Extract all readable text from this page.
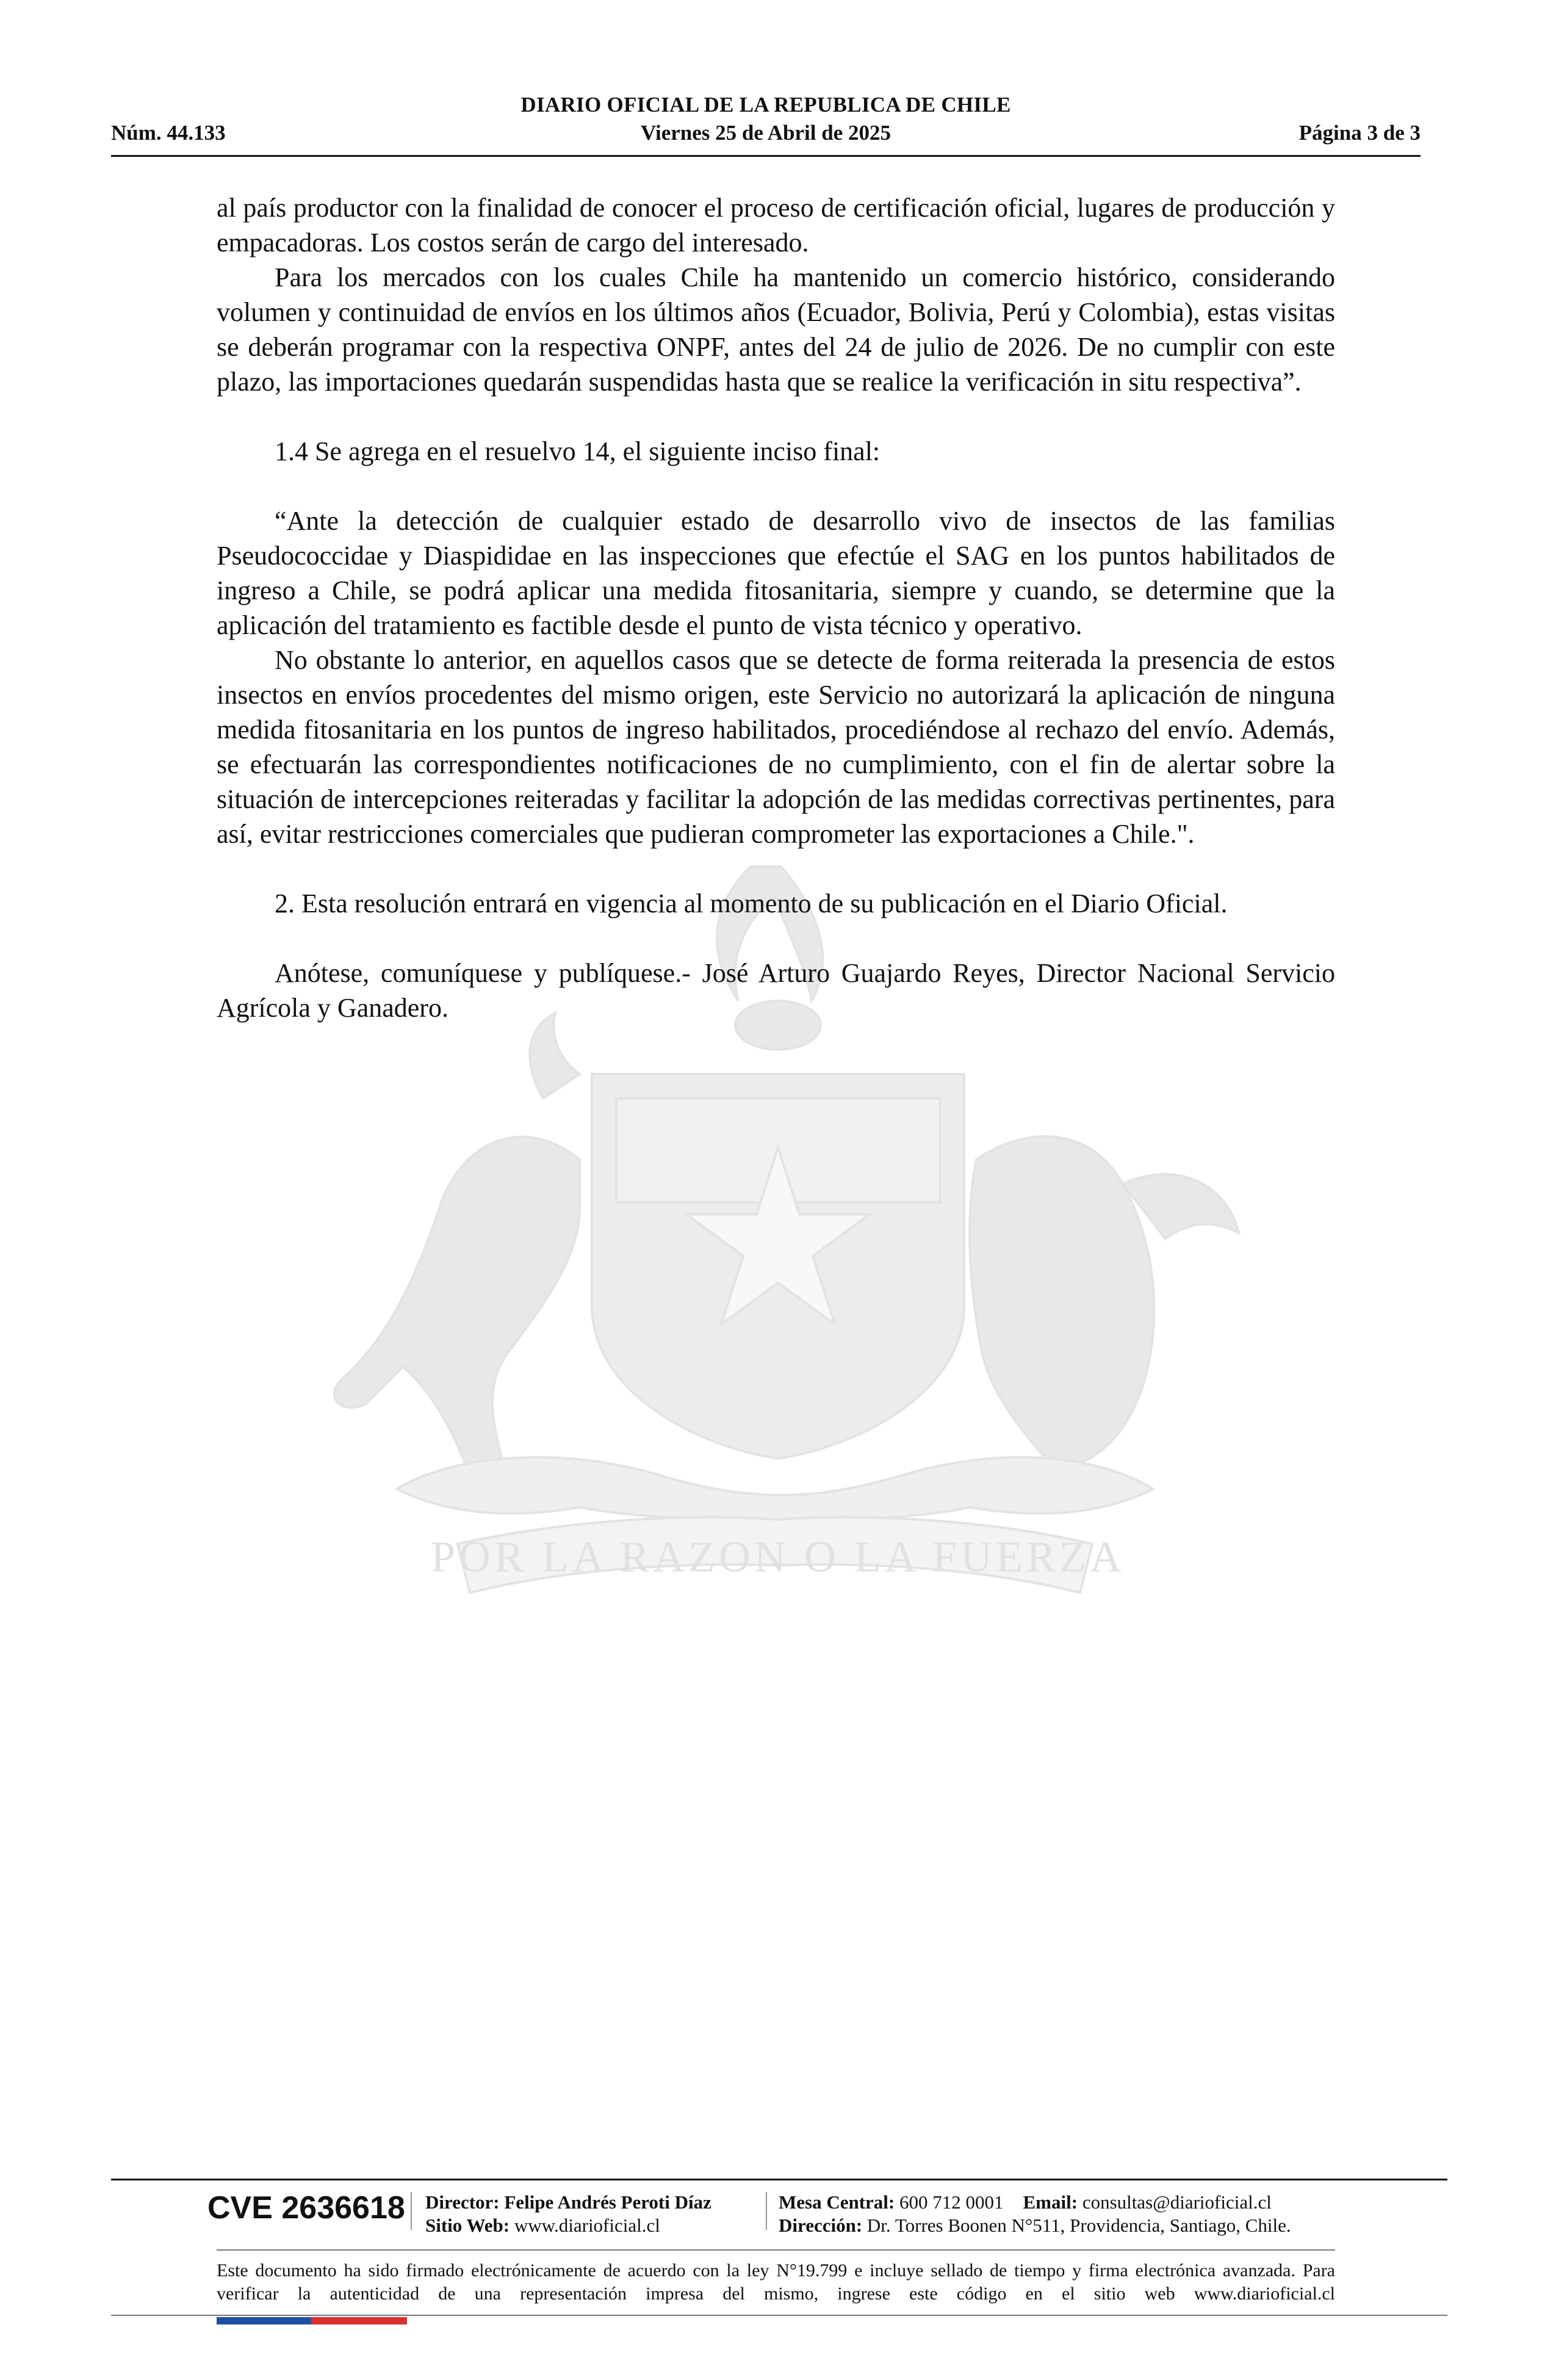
DIARIO OFICIAL DE LA REPUBLICA DE CHILE
Núm. 44.133	Viernes 25 de Abril de 2025	Página 3 de 3
POR LA RAZON O LA FUERZA

al país productor con la finalidad de conocer el proceso de certificación oficial, lugares de producción y empacadoras. Los costos serán de cargo del interesado.

Para los mercados con los cuales Chile ha mantenido un comercio histórico, considerando volumen y continuidad de envíos en los últimos años (Ecuador, Bolivia, Perú y Colombia), estas visitas se deberán programar con la respectiva ONPF, antes del 24 de julio de 2026. De no cumplir con este plazo, las importaciones quedarán suspendidas hasta que se realice la verificación in situ respectiva”.

1.4 Se agrega en el resuelvo 14, el siguiente inciso final:

“Ante la detección de cualquier estado de desarrollo vivo de insectos de las familias Pseudococcidae y Diaspididae en las inspecciones que efectúe el SAG en los puntos habilitados de ingreso a Chile, se podrá aplicar una medida fitosanitaria, siempre y cuando, se determine que la aplicación del tratamiento es factible desde el punto de vista técnico y operativo.

No obstante lo anterior, en aquellos casos que se detecte de forma reiterada la presencia de estos insectos en envíos procedentes del mismo origen, este Servicio no autorizará la aplicación de ninguna medida fitosanitaria en los puntos de ingreso habilitados, procediéndose al rechazo del envío. Además, se efectuarán las correspondientes notificaciones de no cumplimiento, con el fin de alertar sobre la situación de intercepciones reiteradas y facilitar la adopción de las medidas correctivas pertinentes, para así, evitar restricciones comerciales que pudieran comprometer las exportaciones a Chile.".

2. Esta resolución entrará en vigencia al momento de su publicación en el Diario Oficial.

Anótese, comuníquese y publíquese.- José Arturo Guajardo Reyes, Director Nacional Servicio Agrícola y Ganadero.

CVE 2636618 Director: Felipe Andrés Peroti Díaz
Sitio Web: www.diarioficial.cl
Mesa Central: 600 712 0001 Email: consultas@diarioficial.cl
Dirección: Dr. Torres Boonen N°511, Providencia, Santiago, Chile.
Este documento ha sido firmado electrónicamente de acuerdo con la ley N°19.799 e incluye sellado de tiempo y firma electrónica avanzada. Para verificar la autenticidad de una representación impresa del mismo, ingrese este código en el sitio web www.diarioficial.cl
